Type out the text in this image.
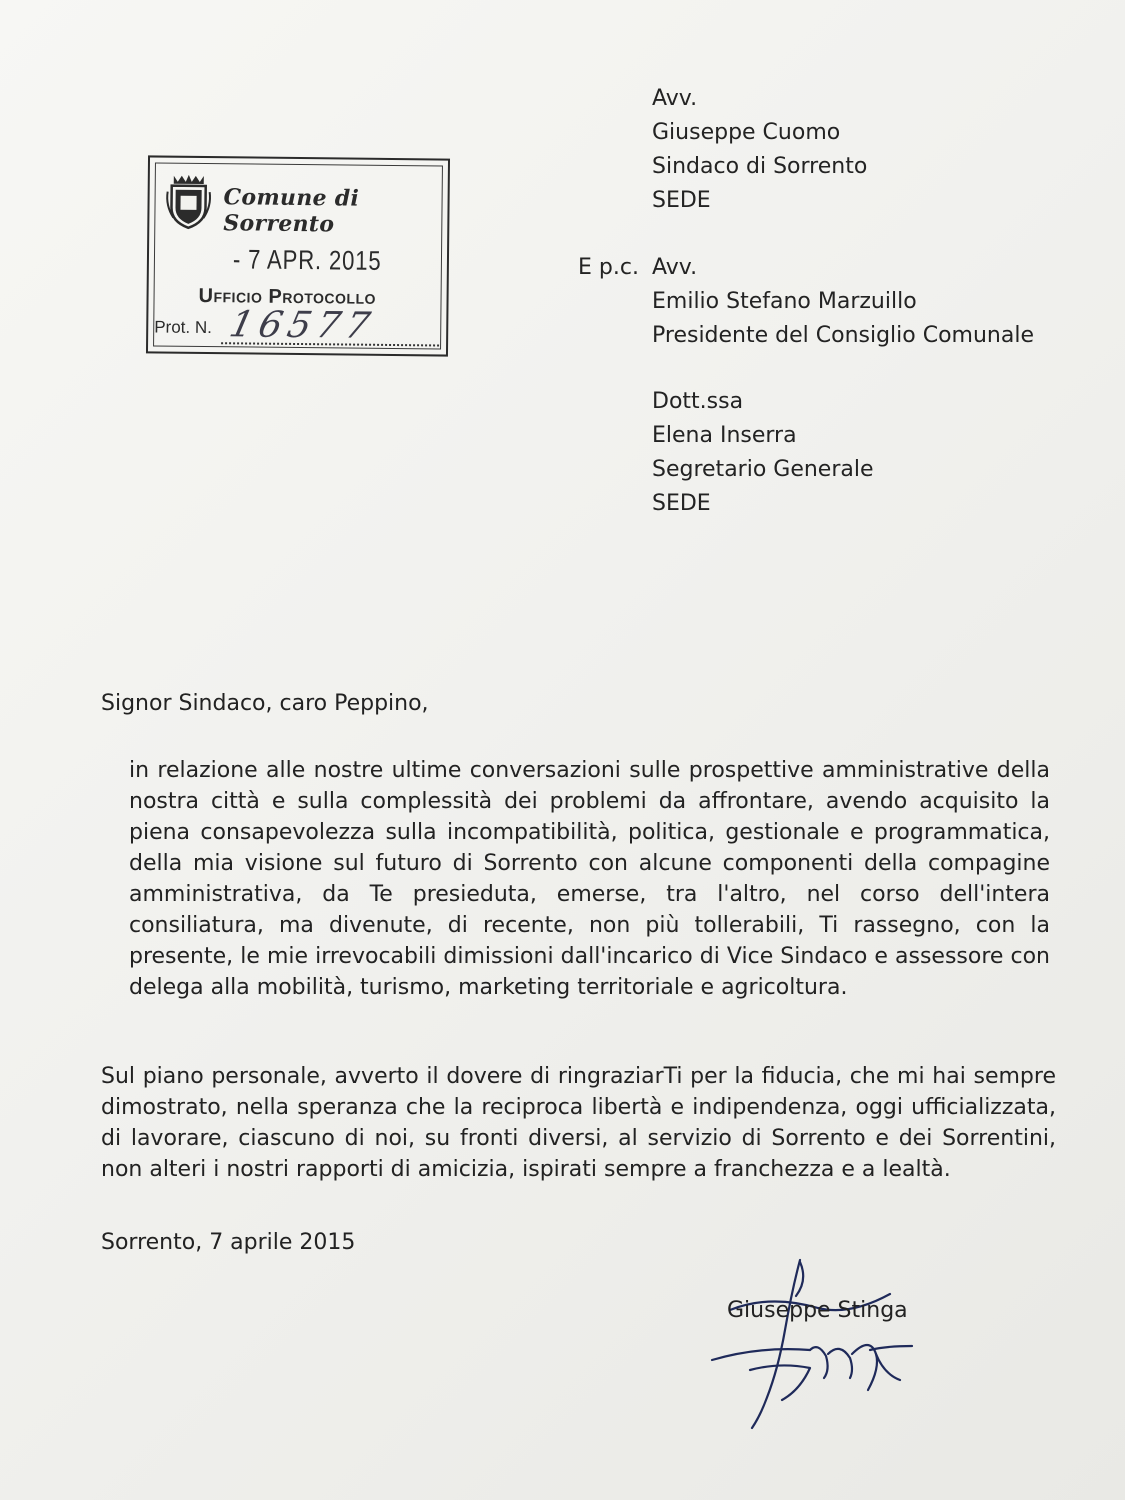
Avv.
Giuseppe Cuomo
Sindaco di Sorrento
SEDE
E p.c. Avv.
Emilio Stefano Marzuillo
Presidente del Consiglio Comunale
Dott.ssa
Elena Inserra
Segretario Generale
SEDE
Comune di Sorrento
- 7 APR. 2015
Ufficio Protocollo
Prot. N. 16577
Signor Sindaco, caro Peppino,
in relazione alle nostre ultime conversazioni sulle prospettive amministrative della nostra città e sulla complessità dei problemi da affrontare, avendo acquisito la piena consapevolezza sulla incompatibilità, politica, gestionale e programmatica, della mia visione sul futuro di Sorrento con alcune componenti della compagine amministrativa, da Te presieduta, emerse, tra l'altro, nel corso dell'intera consiliatura, ma divenute, di recente, non più tollerabili, Ti rassegno, con la presente, le mie irrevocabili dimissioni dall'incarico di Vice Sindaco e assessore con delega alla mobilità, turismo, marketing territoriale e agricoltura.
Sul piano personale, avverto il dovere di ringraziarTi per la fiducia, che mi hai sempre dimostrato, nella speranza che la reciproca libertà e indipendenza, oggi ufficializzata, di lavorare, ciascuno di noi, su fronti diversi, al servizio di Sorrento e dei Sorrentini, non alteri i nostri rapporti di amicizia, ispirati sempre a franchezza e a lealtà.
Sorrento, 7 aprile 2015
Giuseppe Stinga
